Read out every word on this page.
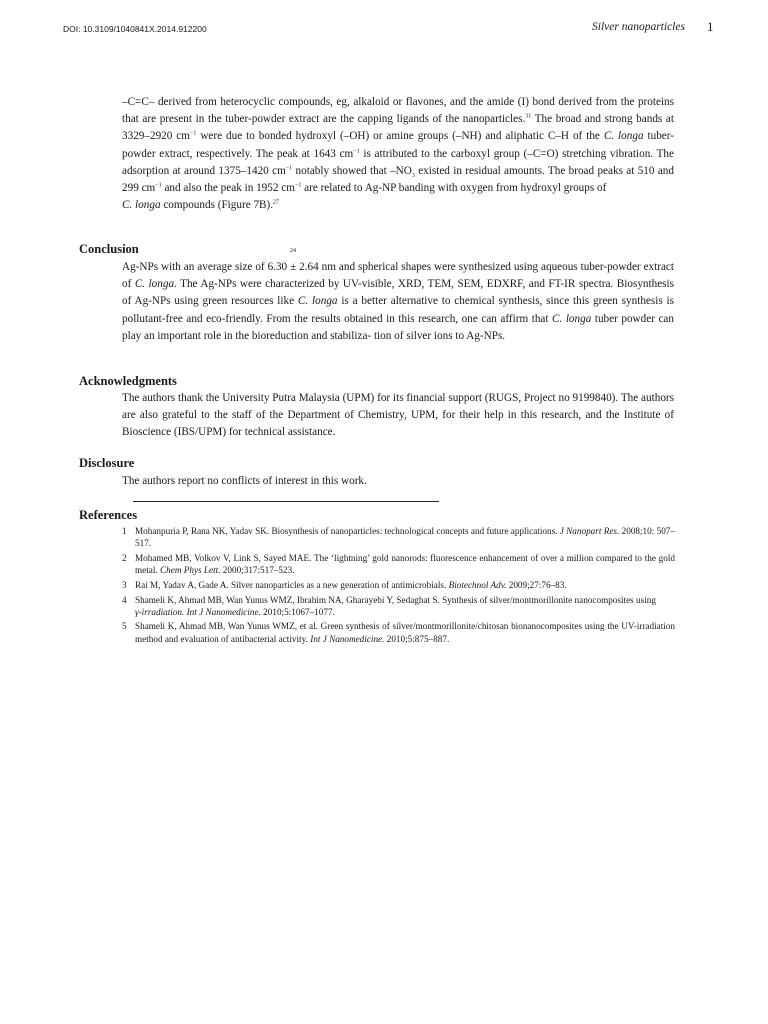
DOI: 10.3109/1040841X.2014.912200	Silver nanoparticles 1
–C=C– derived from heterocyclic compounds, eg, alkaloid or flavones, and the amide (I) bond derived from the proteins that are present in the tuber-powder extract are the capping ligands of the nanoparticles.$^{31}$ The broad and strong bands at 3329–2920 $cm^{-1}$ were due to bonded hydroxyl (–OH) or amine groups (–NH) and aliphatic C–H of the C. longa tuber-powder extract, respectively. The peak at 1643 $cm^{-1}$ is attributed to the carboxyl group (–C=O) stretching vibration. The adsorption at around 1375–1420 $cm^{-1}$ notably showed that $-NO_3$ existed in residual amounts. The broad peaks at 510 and 299 $cm^{-1}$ and also the peak in 1952 $cm^{-1}$ are related to Ag-NP banding with oxygen from hydroxyl groups of
C. longa compounds (Figure 7B).$^{27}$
Conclusion	24
Ag-NPs with an average size of 6.30 ± 2.64 nm and spherical shapes were synthesized using aqueous tuber-powder extract of C. longa. The Ag-NPs were characterized by UV-visible, XRD, TEM, SEM, EDXRF, and FT-IR spectra. Biosynthesis of Ag-NPs using green resources like C. longa is a better alternative to chemical synthesis, since this green synthesis is pollutant-free and eco-friendly. From the results obtained in this research, one can affirm that C. longa tuber powder can play an important role in the bioreduction and stabiliza- tion of silver ions to Ag-NPs.
Acknowledgments
The authors thank the University Putra Malaysia (UPM) for its financial support (RUGS, Project no 9199840). The authors are also grateful to the staff of the Department of Chemistry, UPM, for their help in this research, and the Institute of Bioscience (IBS/UPM) for technical assistance.
Disclosure
The authors report no conflicts of interest in this work.
References
1 Mohanpuria P, Rana NK, Yadav SK. Biosynthesis of nanoparticles: technological concepts and future applications. J Nanopart Res. 2008;10: 507–517.
2 Mohamed MB, Volkov V, Link S, Sayed MAE. The ‘lightning’ gold nanorods: fluorescence enhancement of over a million compared to the gold metal. Chem Phys Lett. 2000;317:517–523.
3 Rai M, Yadav A, Gade A. Silver nanoparticles as a new generation of antimicrobials. Biotechnol Adv. 2009;27:76–83.
4 Shameli K, Ahmad MB, Wan Yunus WMZ, Ibrahim NA, Gharayebi Y, Sedaghat S. Synthesis of silver/montmorillonite nanocomposites using
γ-irradiation. Int J Nanomedicine. 2010;5:1067–1077.
5 Shameli K, Ahmad MB, Wan Yunus WMZ, et al. Green synthesis of silver/montmorillonite/chitosan bionanocomposites using the UV-irradiation method and evaluation of antibacterial activity. Int J Nanomedicine. 2010;5:875–887.
